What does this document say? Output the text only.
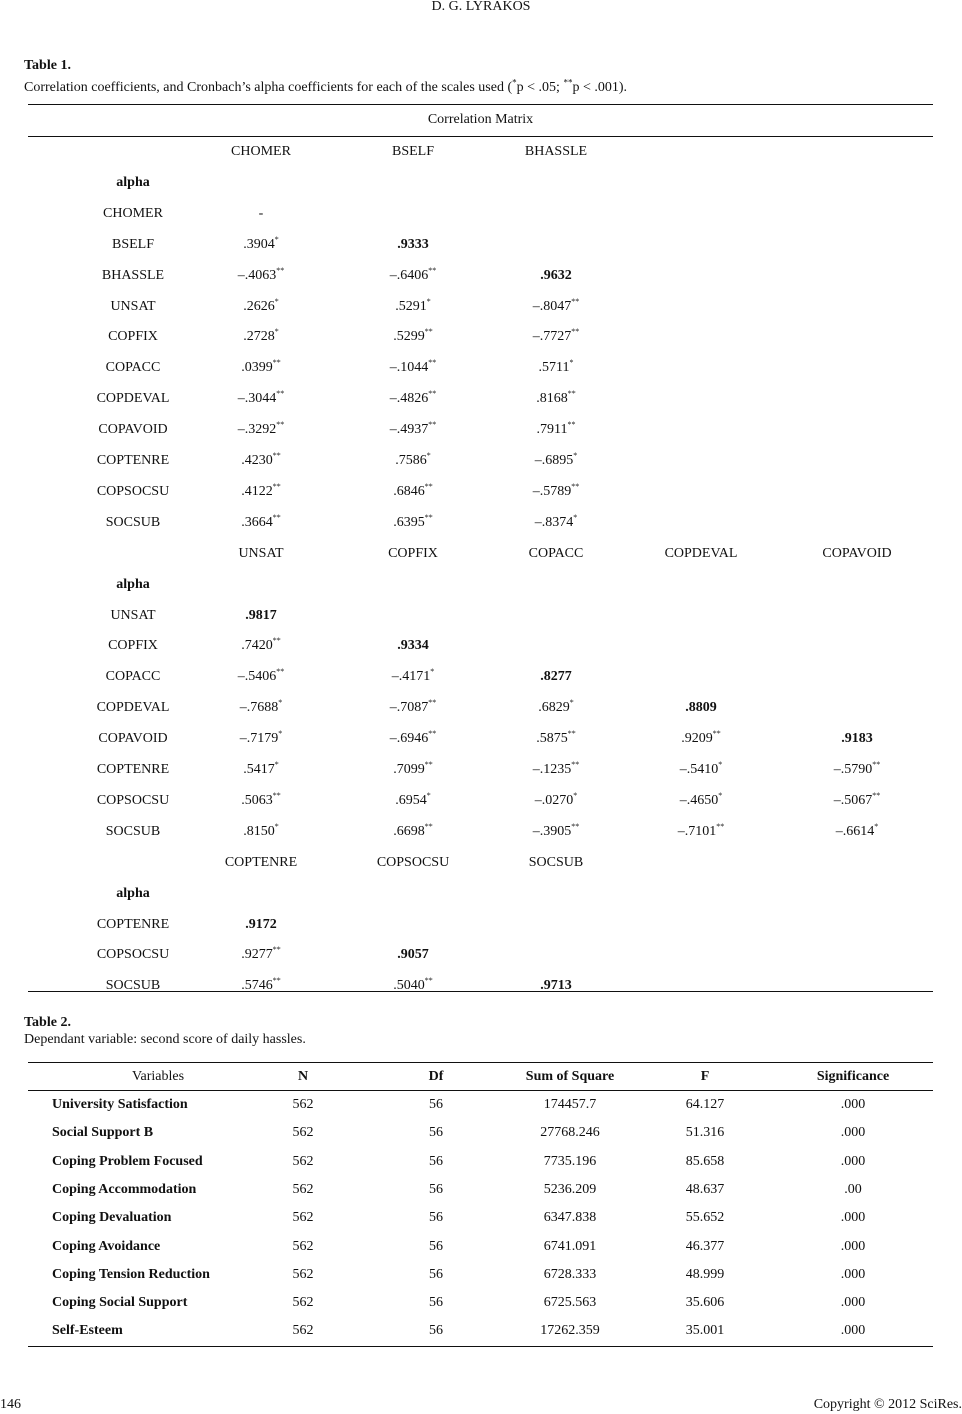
D. G. LYRAKOS
Table 1.
Correlation coefficients, and Cronbach’s alpha coefficients for each of the scales used (*p < .05; **p < .001).
Correlation Matrix
CHOMER	BSELF	BHASSLE
alpha
CHOMER	-
BSELF	.3904*	.9333
BHASSLE	–.4063**	–.6406**	.9632
UNSAT	.2626*	.5291*	–.8047**
COPFIX	.2728*	.5299**	–.7727**
COPACC	.0399**	–.1044**	.5711*
COPDEVAL	–.3044**	–.4826**	.8168**
COPAVOID	–.3292**	–.4937**	.7911**
COPTENRE	.4230**	.7586*	–.6895*
COPSOCSU	.4122**	.6846**	–.5789**
SOCSUB	.3664**	.6395**	–.8374*
UNSAT	COPFIX	COPACC	COPDEVAL	COPAVOID
alpha
UNSAT	.9817
COPFIX	.7420**	.9334
COPACC	–.5406**	–.4171*	.8277
COPDEVAL	–.7688*	–.7087**	.6829*	.8809
COPAVOID	–.7179*	–.6946**	.5875**	.9209**	.9183
COPTENRE	.5417*	.7099**	–.1235**	–.5410*	–.5790**
COPSOCSU	.5063**	.6954*	–.0270*	–.4650*	–.5067**
SOCSUB	.8150*	.6698**	–.3905**	–.7101**	–.6614*
COPTENRE	COPSOCSU	SOCSUB
alpha
COPTENRE	.9172
COPSOCSU	.9277**	.9057
SOCSUB	.5746**	.5040**	.9713
Table 2.
Dependant variable: second score of daily hassles.
Variables	N	Df	Sum of Square	F	Significance
University Satisfaction	562	56	174457.7	64.127	.000
Social Support B	562	56	27768.246	51.316	.000
Coping Problem Focused	562	56	7735.196	85.658	.000
Coping Accommodation	562	56	5236.209	48.637	.00
Coping Devaluation	562	56	6347.838	55.652	.000
Coping Avoidance	562	56	6741.091	46.377	.000
Coping Tension Reduction	562	56	6728.333	48.999	.000
Coping Social Support	562	56	6725.563	35.606	.000
Self-Esteem	562	56	17262.359	35.001	.000
146	Copyright © 2012 SciRes.
